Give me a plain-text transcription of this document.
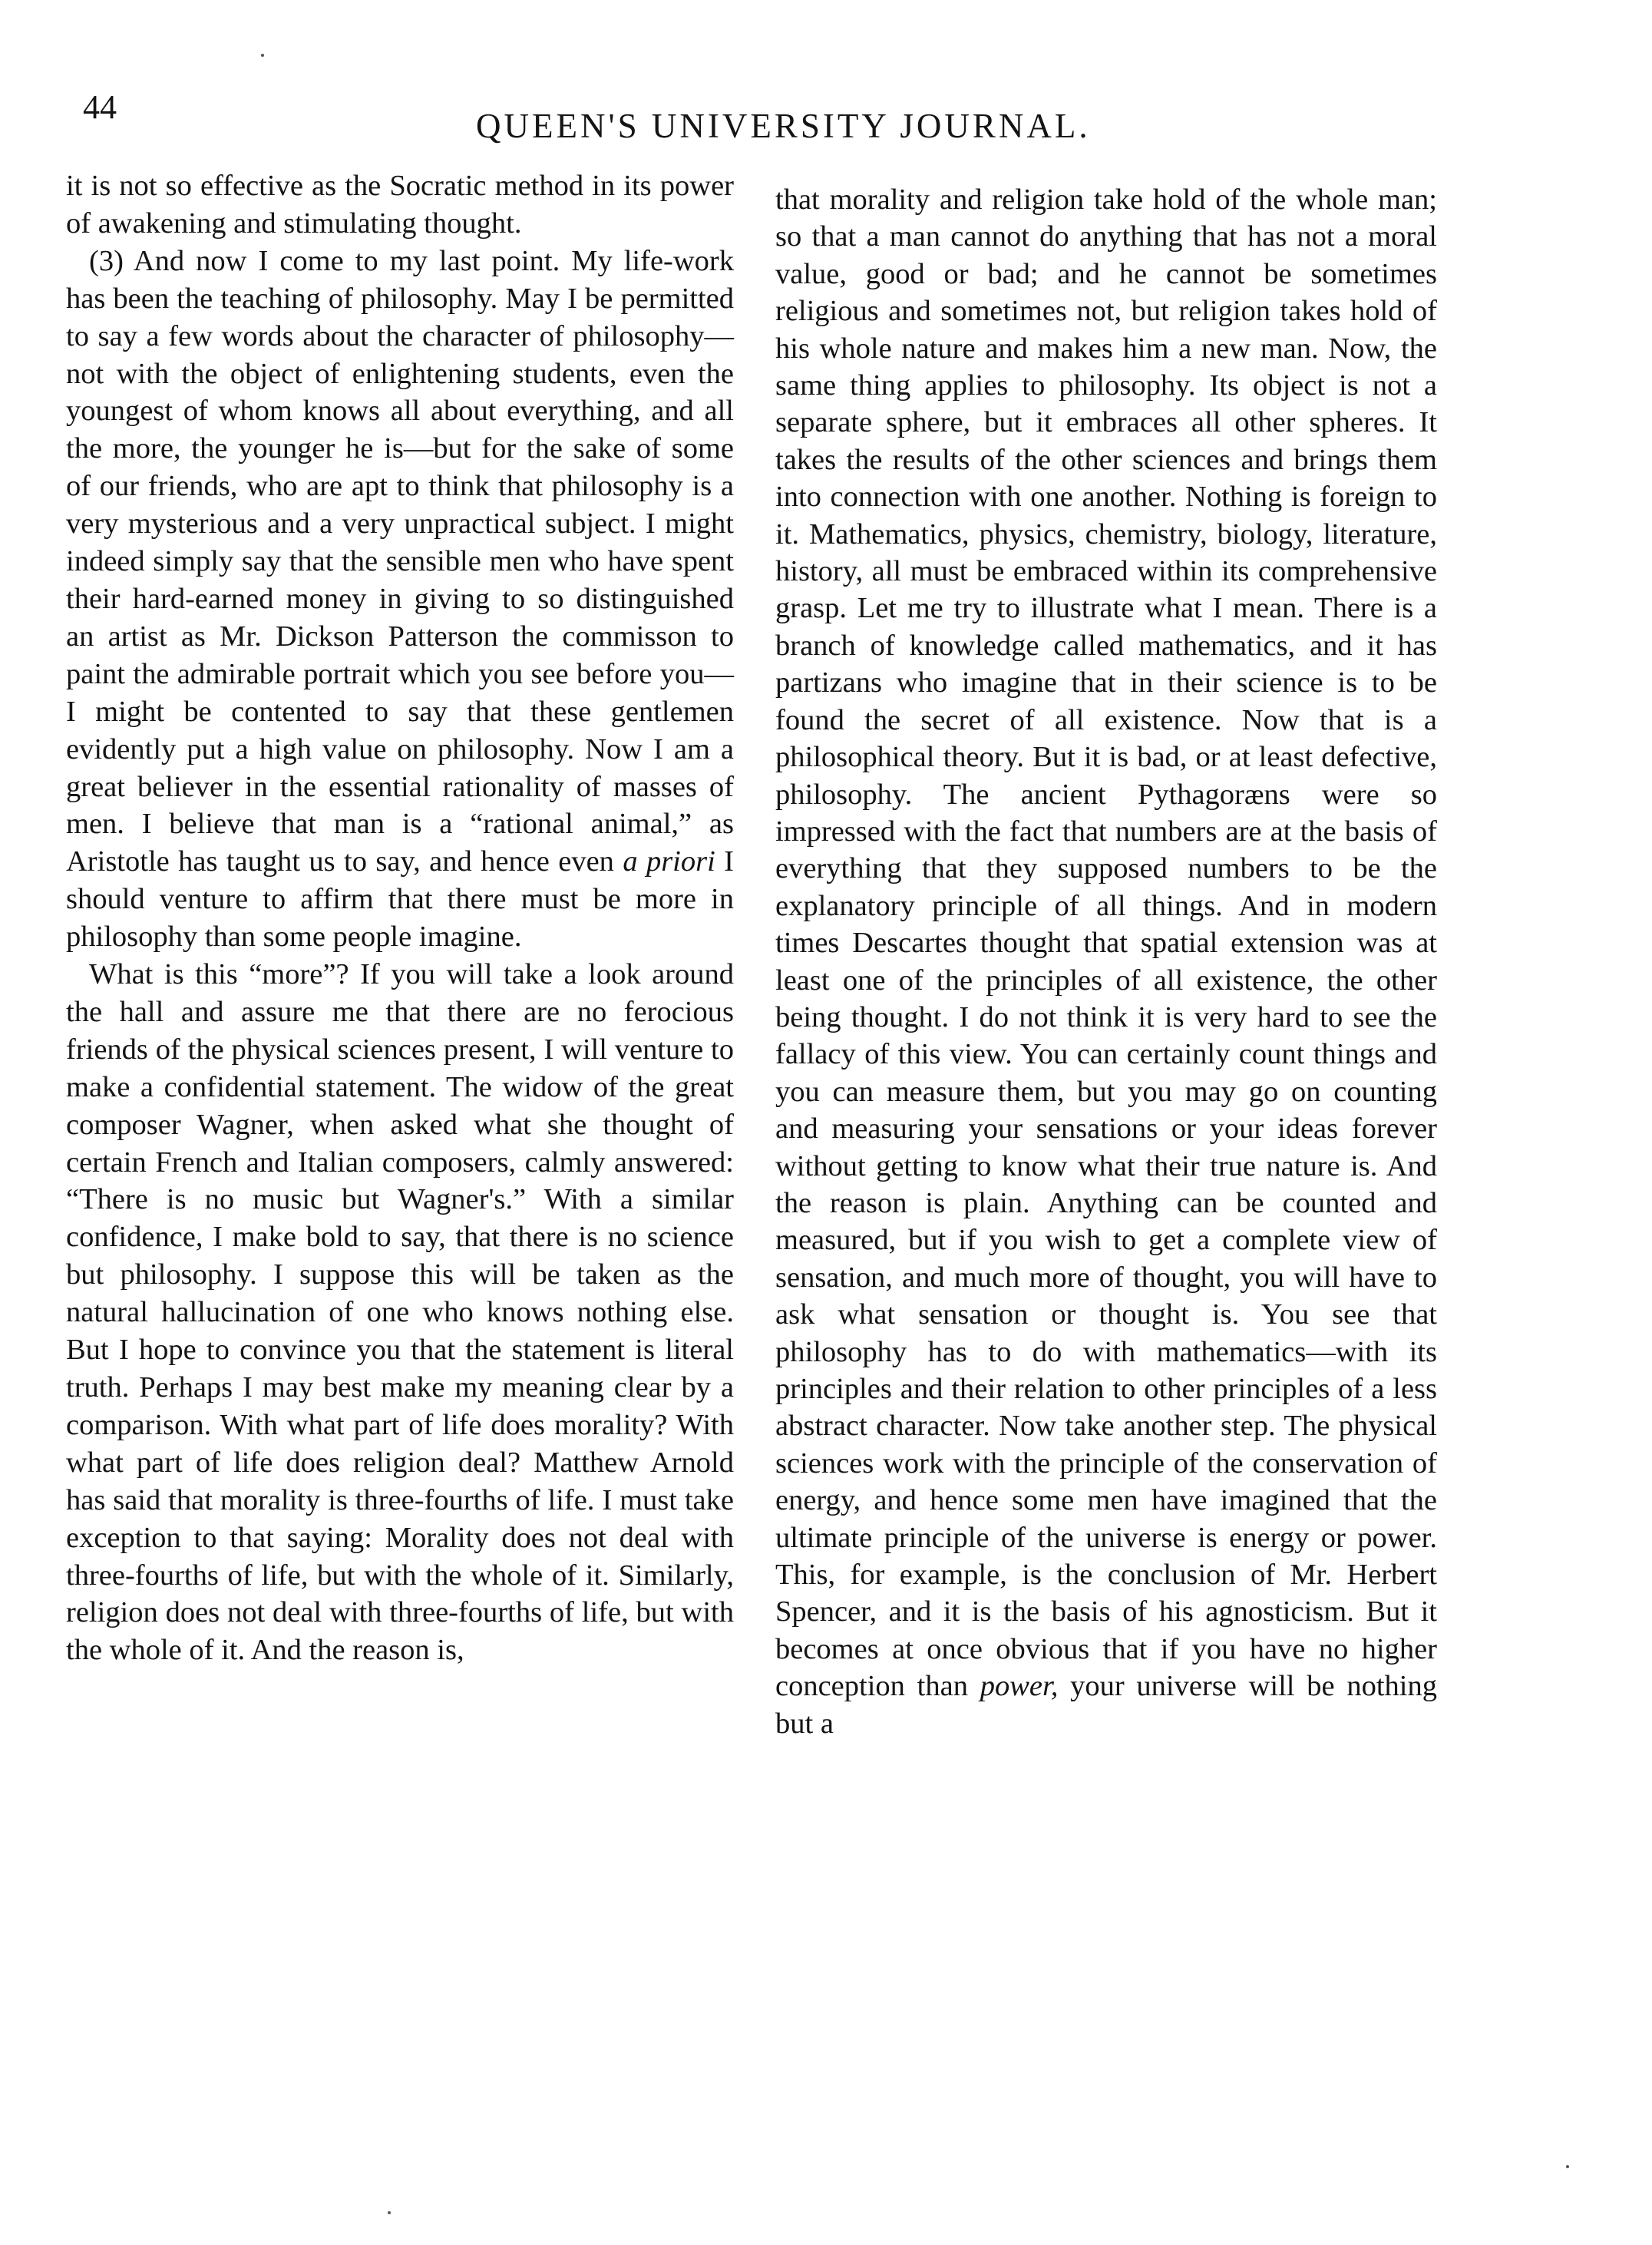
44	QUEEN'S UNIVERSITY JOURNAL.

it is not so effective as the Socratic method in its power of awakening and stimulating thought.

(3) And now I come to my last point. My life-work has been the teaching of philosophy. May I be permitted to say a few words about the character of philosophy—not with the object of enlightening students, even the youngest of whom knows all about everything, and all the more, the younger he is—but for the sake of some of our friends, who are apt to think that philosophy is a very mysterious and a very unpractical subject. I might indeed simply say that the sensible men who have spent their hard-earned money in giving to so distinguished an artist as Mr. Dickson Patterson the commisson to paint the admirable portrait which you see before you—I might be contented to say that these gentlemen evidently put a high value on philosophy. Now I am a great believer in the essential rationality of masses of men. I believe that man is a “rational animal,” as Aristotle has taught us to say, and hence even a priori I should venture to affirm that there must be more in philosophy than some people imagine.

What is this “more”? If you will take a look around the hall and assure me that there are no ferocious friends of the physical sciences present, I will venture to make a confidential statement. The widow of the great composer Wagner, when asked what she thought of certain French and Italian composers, calmly answered: “There is no music but Wagner's.” With a similar confidence, I make bold to say, that there is no science but philosophy. I suppose this will be taken as the natural hallucination of one who knows nothing else. But I hope to convince you that the statement is literal truth. Perhaps I may best make my meaning clear by a comparison. With what part of life does morality? With what part of life does religion deal? Matthew Arnold has said that morality is three-fourths of life. I must take exception to that saying: Morality does not deal with three-fourths of life, but with the whole of it. Similarly, religion does not deal with three-fourths of life, but with the whole of it. And the reason is,

that morality and religion take hold of the whole man; so that a man cannot do anything that has not a moral value, good or bad; and he cannot be sometimes religious and sometimes not, but religion takes hold of his whole nature and makes him a new man. Now, the same thing applies to philosophy. Its object is not a separate sphere, but it embraces all other spheres. It takes the results of the other sciences and brings them into connection with one another. Nothing is foreign to it. Mathematics, physics, chemistry, biology, literature, history, all must be embraced within its comprehensive grasp. Let me try to illustrate what I mean. There is a branch of knowledge called mathematics, and it has partizans who imagine that in their science is to be found the secret of all existence. Now that is a philosophical theory. But it is bad, or at least defective, philosophy. The ancient Pythagoræns were so impressed with the fact that numbers are at the basis of everything that they supposed numbers to be the explanatory principle of all things. And in modern times Descartes thought that spatial extension was at least one of the principles of all existence, the other being thought. I do not think it is very hard to see the fallacy of this view. You can certainly count things and you can measure them, but you may go on counting and measuring your sensations or your ideas forever without getting to know what their true nature is. And the reason is plain. Anything can be counted and measured, but if you wish to get a complete view of sensation, and much more of thought, you will have to ask what sensation or thought is. You see that philosophy has to do with mathematics—with its principles and their relation to other principles of a less abstract character. Now take another step. The physical sciences work with the principle of the conservation of energy, and hence some men have imagined that the ultimate principle of the universe is energy or power. This, for example, is the conclusion of Mr. Herbert Spencer, and it is the basis of his agnosticism. But it becomes at once obvious that if you have no higher conception than power, your universe will be nothing but a
